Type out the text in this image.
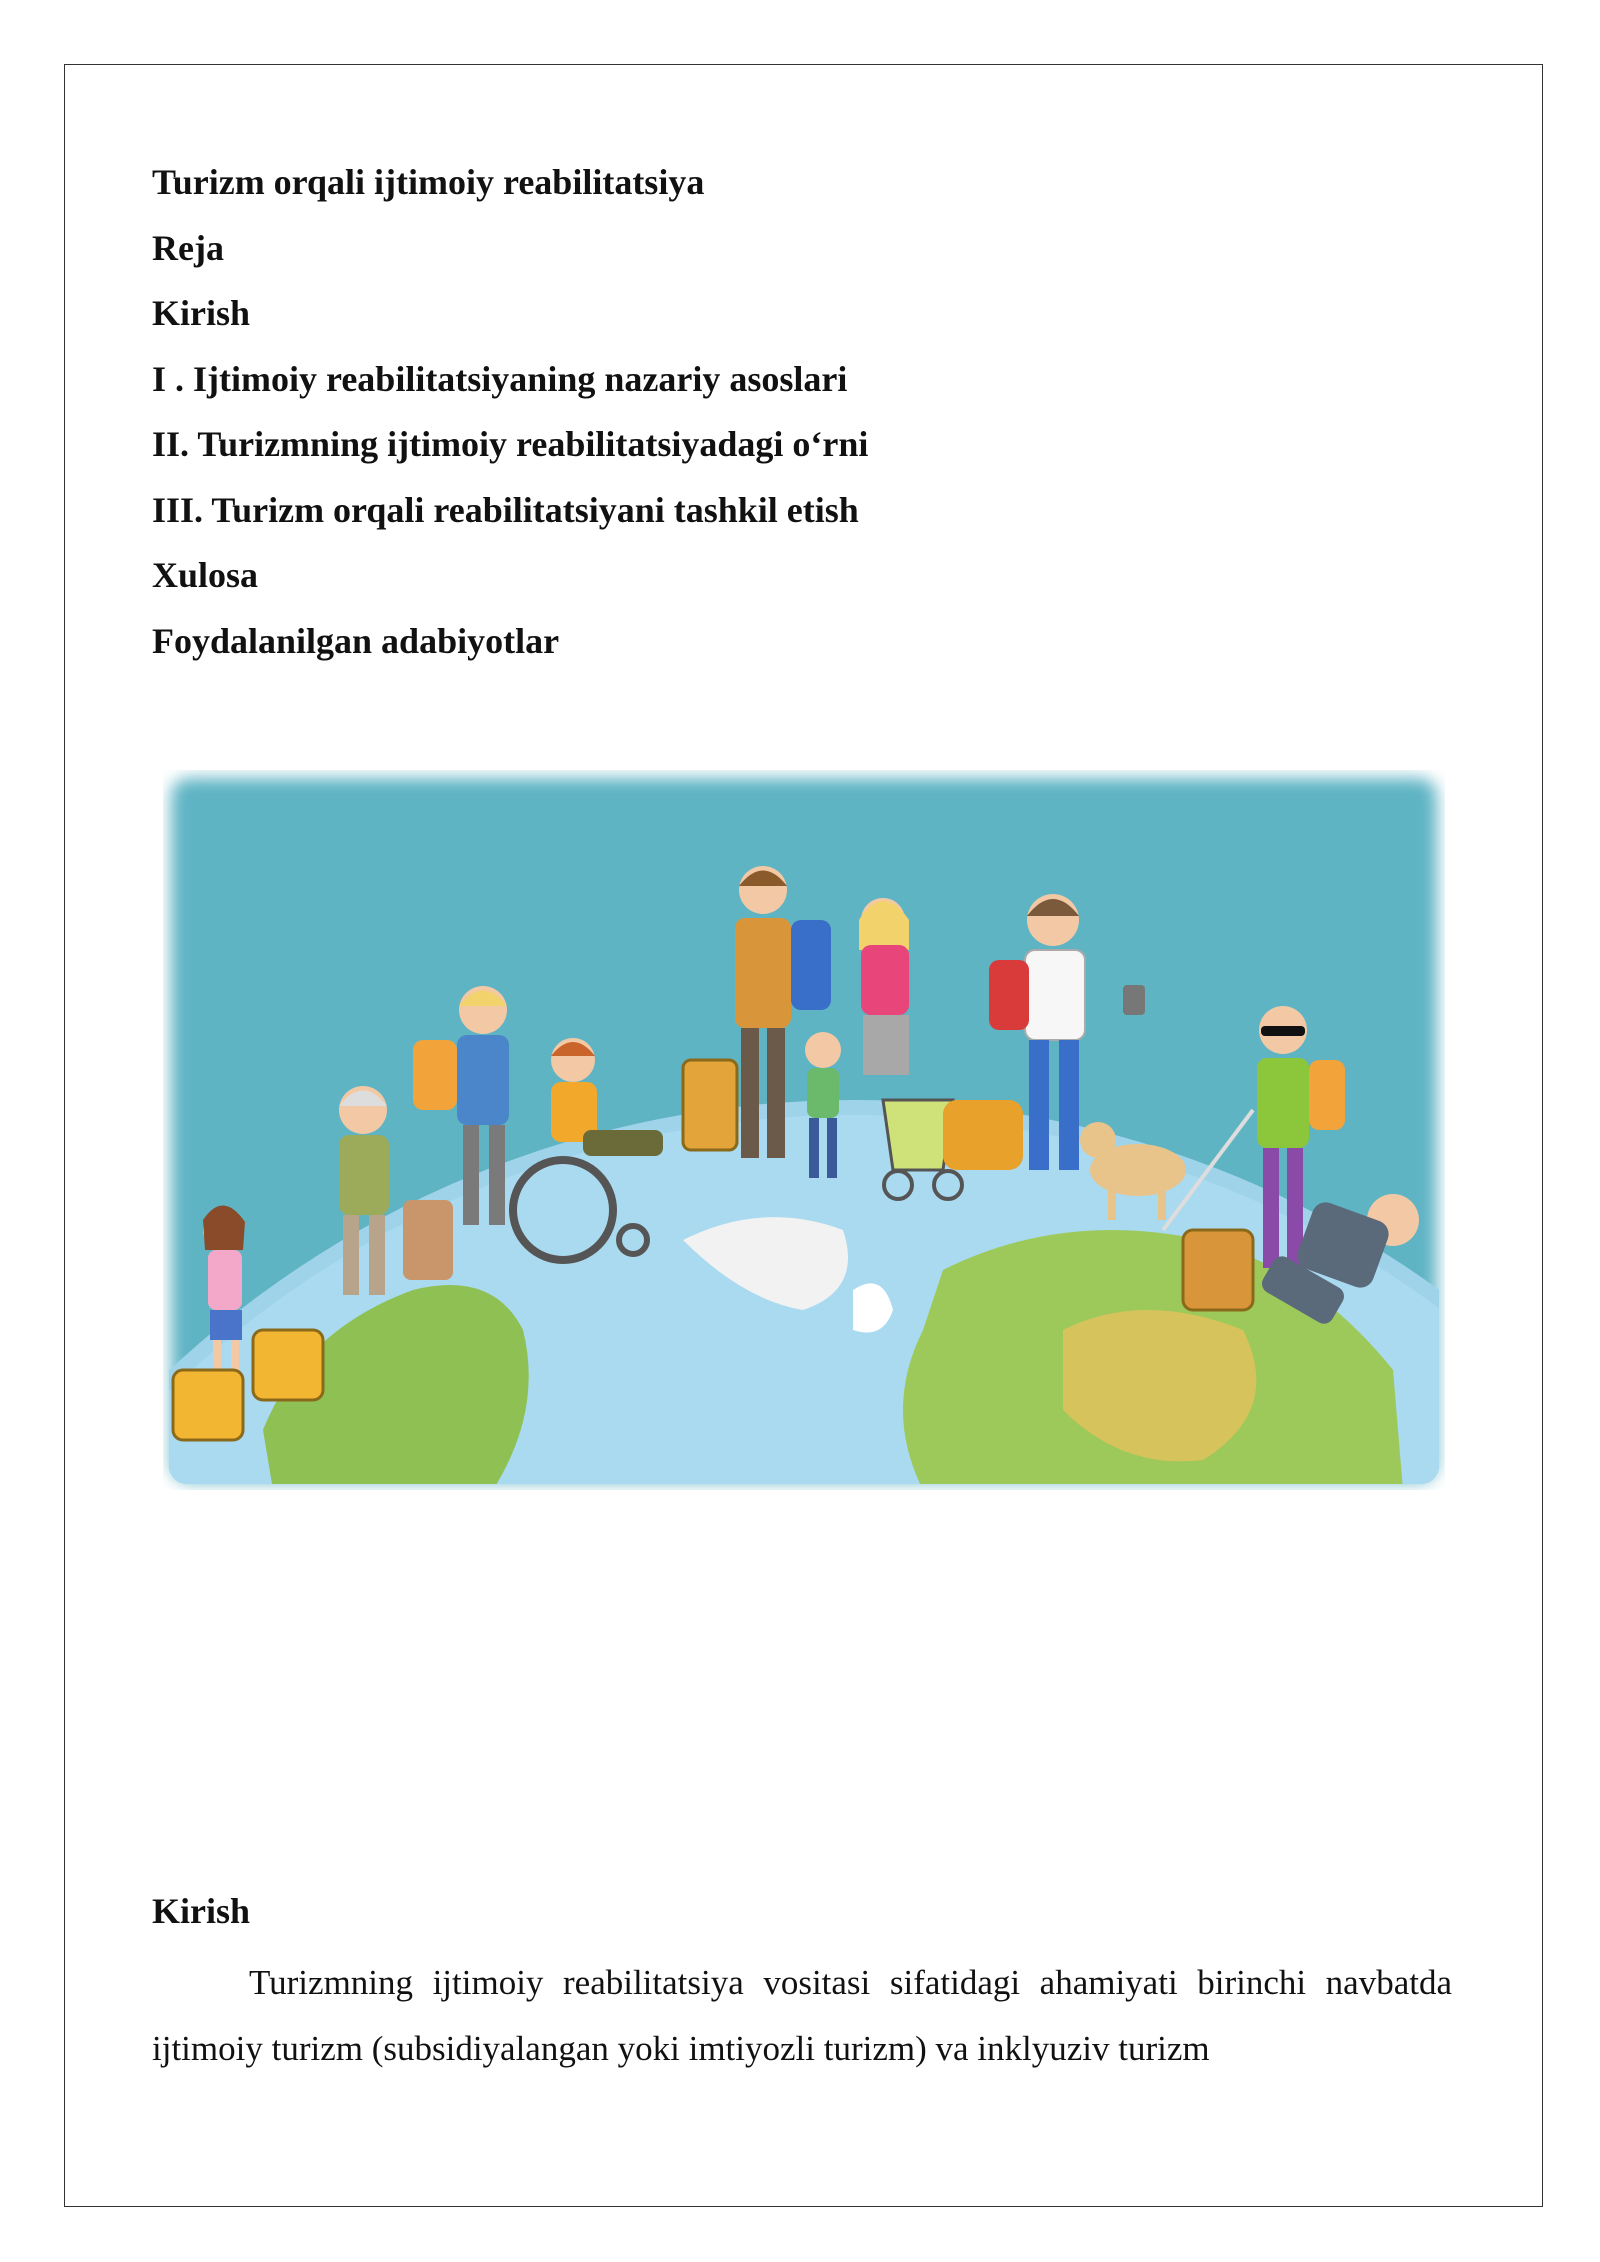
Turizm orqali ijtimoiy reabilitatsiya
Reja
Kirish
I . Ijtimoiy reabilitatsiyaning nazariy asoslari
II. Turizmning ijtimoiy reabilitatsiyadagi o‘rni
III. Turizm orqali reabilitatsiyani tashkil etish
Xulosa
Foydalanilgan adabiyotlar
Kirish
Turizmning ijtimoiy reabilitatsiya vositasi sifatidagi ahamiyati birinchi navbatda ijtimoiy turizm (subsidiyalangan yoki imtiyozli turizm) va inklyuziv turizm
